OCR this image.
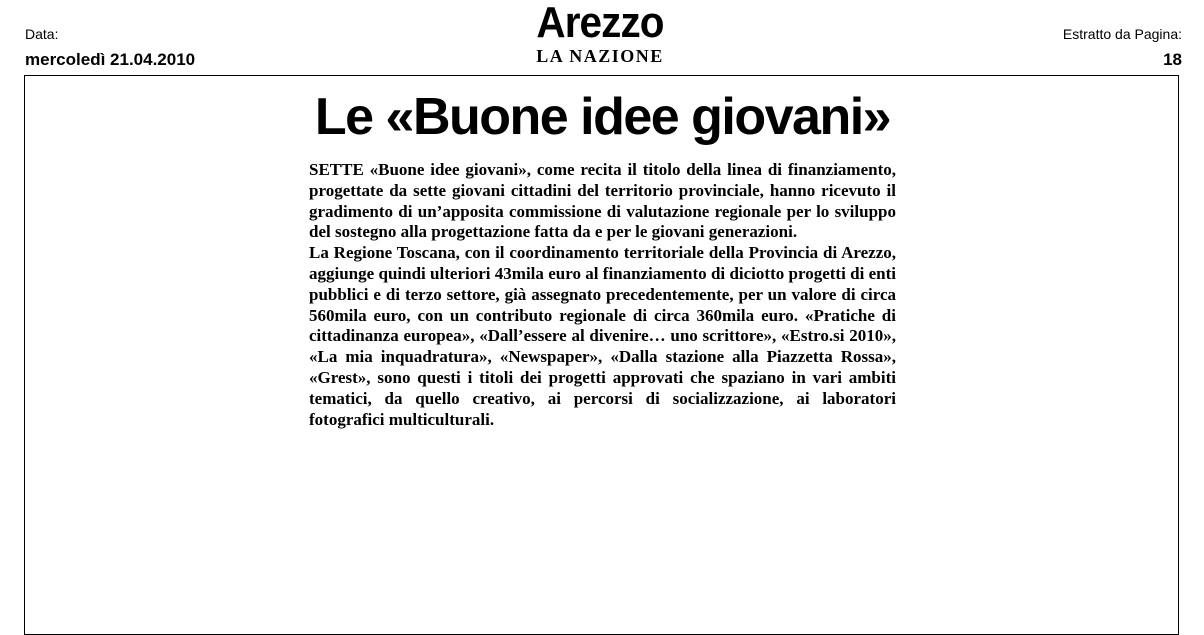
Data:
mercoledì 21.04.2010
Arezzo
LA NAZIONE
Estratto da Pagina:
18
Le «Buone idee giovani»

SETTE «Buone idee giovani», come recita il titolo della linea di finanziamento, progettate da sette giovani cittadini del territorio provinciale, hanno ricevuto il gradimento di un’apposita commissione di valutazione regionale per lo sviluppo del sostegno alla progettazione fatta da e per le giovani generazioni.

La Regione Toscana, con il coordinamento territoriale della Provincia di Arezzo, aggiunge quindi ulteriori 43mila euro al finanziamento di diciotto progetti di enti pubblici e di terzo settore, già assegnato precedentemente, per un valore di circa 560mila euro, con un contributo regionale di circa 360mila euro. «Pratiche di cittadinanza europea», «Dall’essere al divenire… uno scrittore», «Estro.si 2010», «La mia inquadratura», «Newspaper», «Dalla stazione alla Piazzetta Rossa», «Grest», sono questi i titoli dei progetti approvati che spaziano in vari ambiti tematici, da quello creativo, ai percorsi di socializzazione, ai laboratori fotografici multiculturali.
